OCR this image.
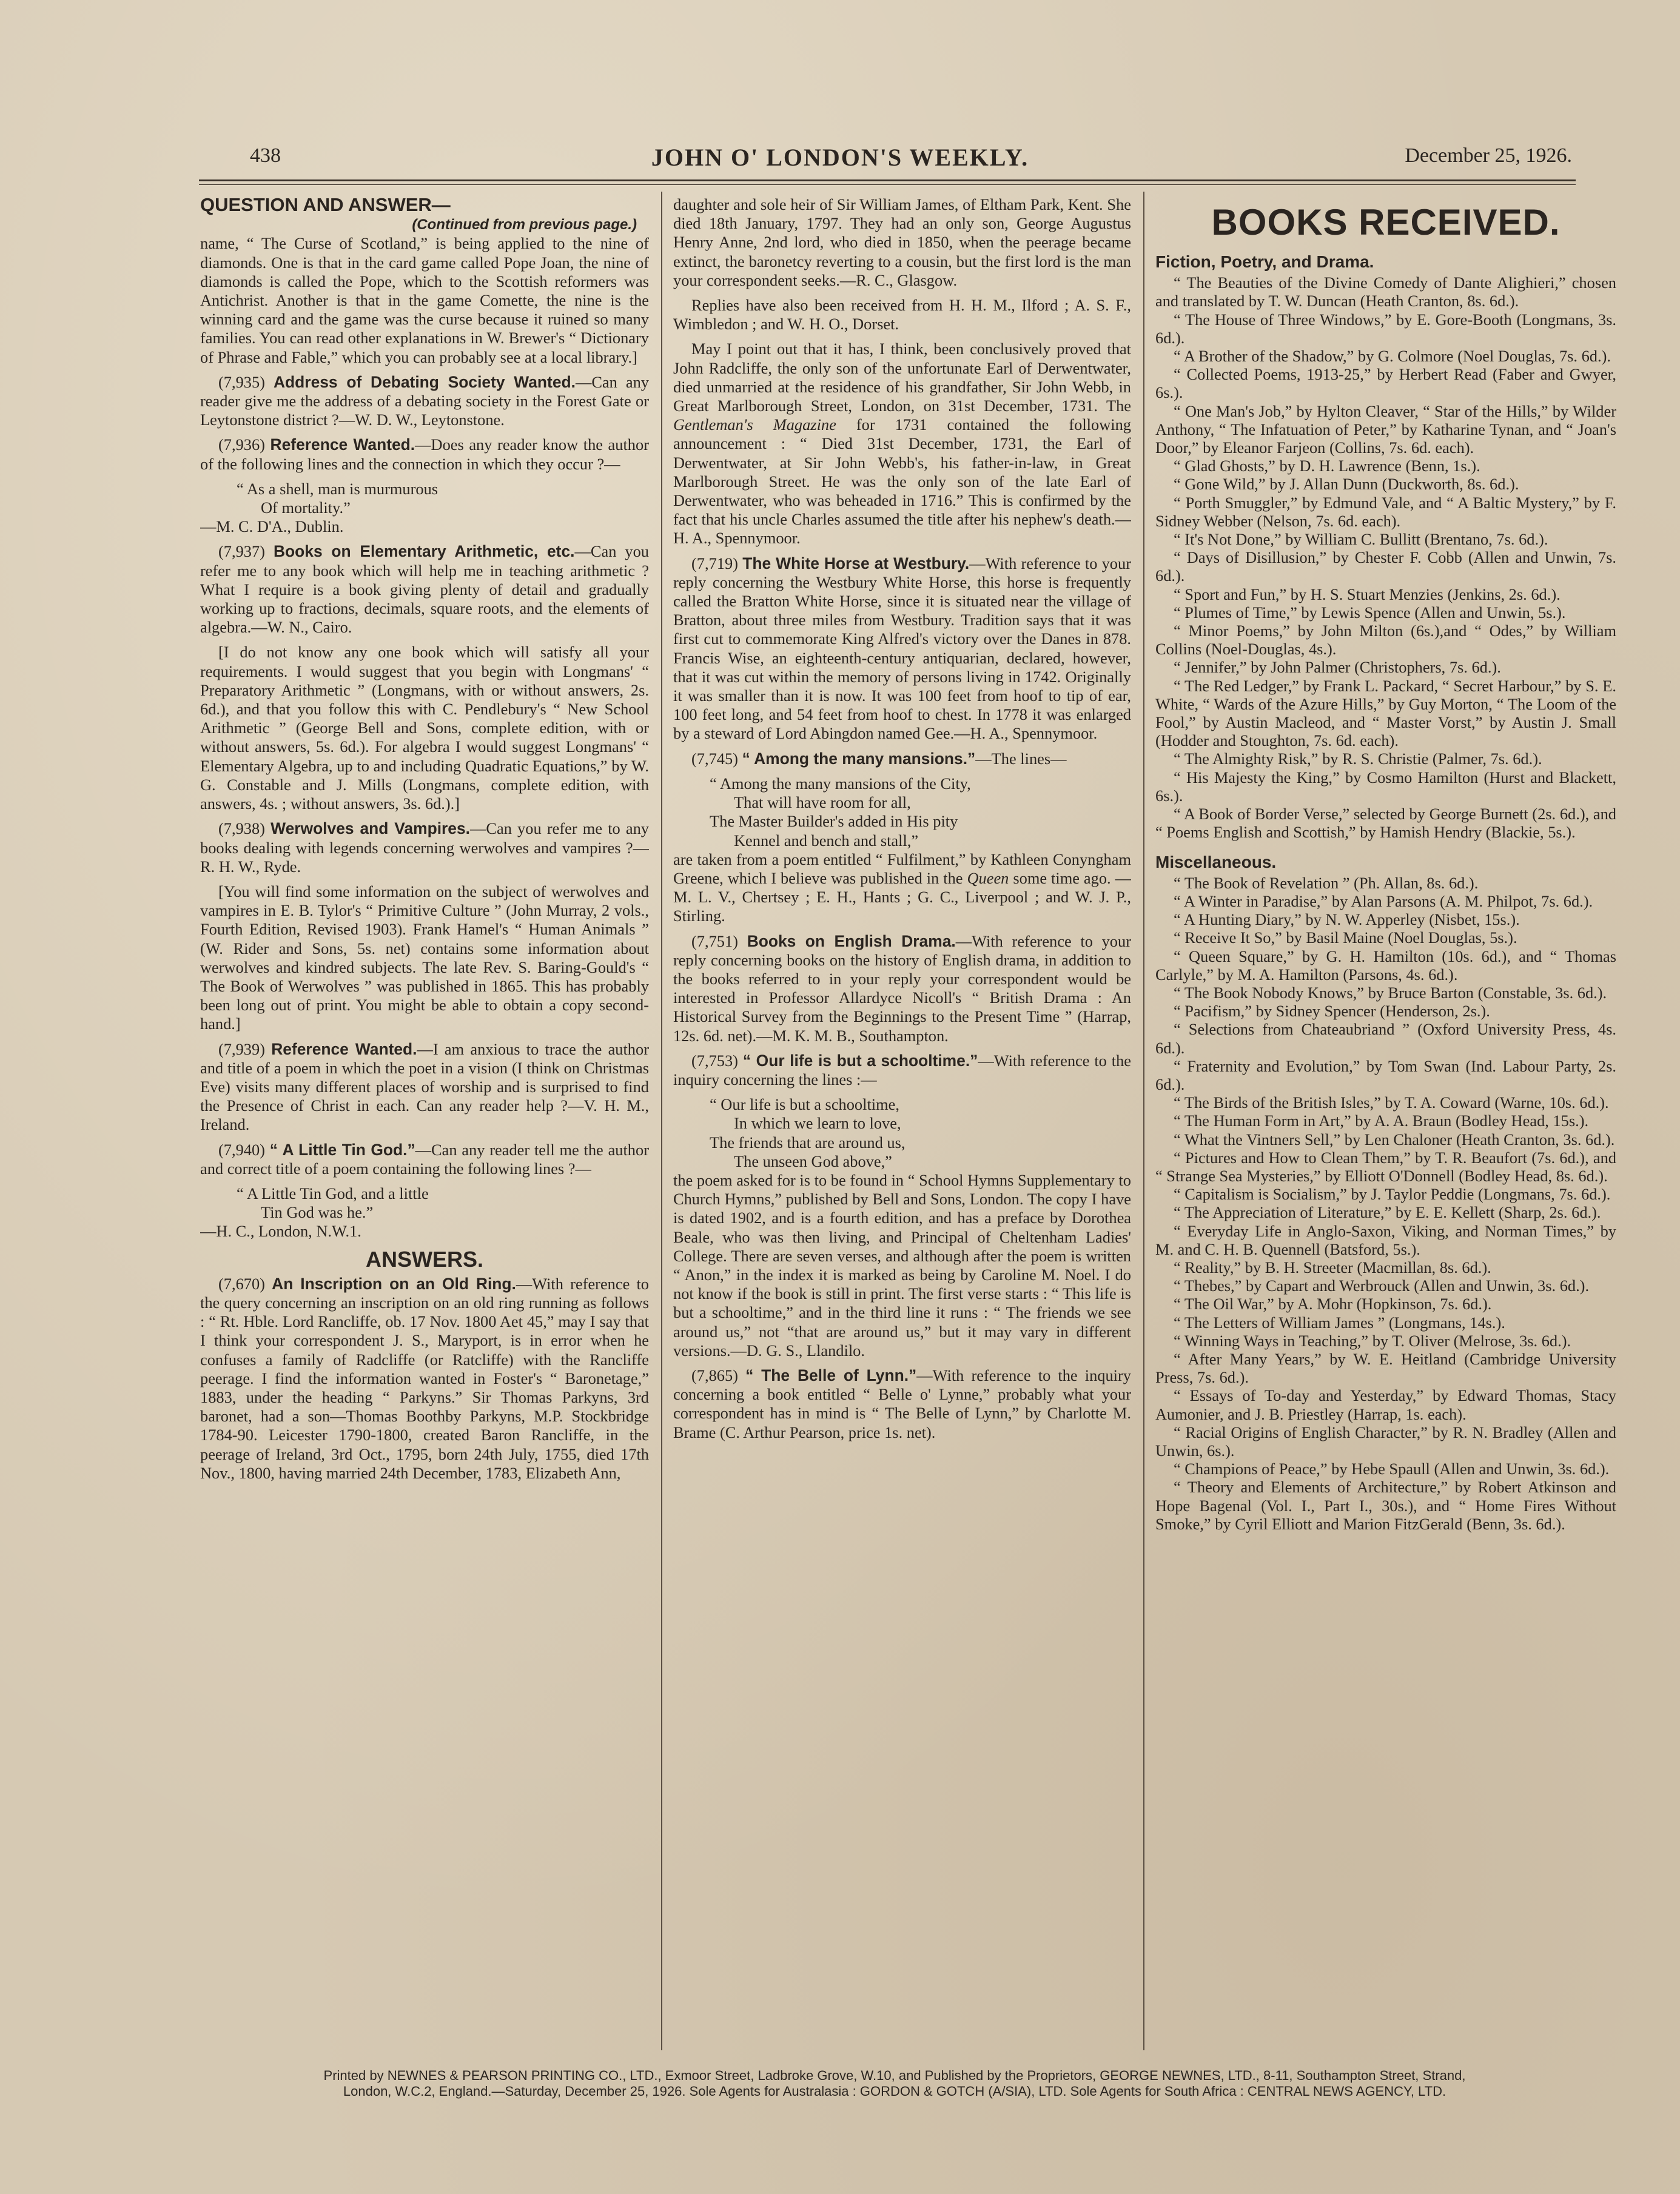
438	JOHN O' LONDON'S WEEKLY.	December 25, 1926.
QUESTION AND ANSWER—
(Continued from previous page.)

name, “ The Curse of Scotland,” is being applied to the nine of diamonds. One is that in the card game called Pope Joan, the nine of diamonds is called the Pope, which to the Scottish reformers was Antichrist. Another is that in the game Comette, the nine is the winning card and the game was the curse because it ruined so many families. You can read other explanations in W. Brewer's “ Dictionary of Phrase and Fable,” which you can probably see at a local library.]

(7,935) Address of Debating Society Wanted.—Can any reader give me the address of a debating society in the Forest Gate or Leytonstone district ?—W. D. W., Leytonstone.

(7,936) Reference Wanted.—Does any reader know the author of the following lines and the connection in which they occur ?—

“ As a shell, man is murmurous
Of mortality.”

—M. C. D'A., Dublin.

(7,937) Books on Elementary Arithmetic, etc.—Can you refer me to any book which will help me in teaching arithmetic ? What I require is a book giving plenty of detail and gradually working up to fractions, decimals, square roots, and the elements of algebra.—W. N., Cairo.

[I do not know any one book which will satisfy all your requirements. I would suggest that you begin with Longmans' “ Preparatory Arithmetic ” (Longmans, with or without answers, 2s. 6d.), and that you follow this with C. Pendlebury's “ New School Arithmetic ” (George Bell and Sons, complete edition, with or without answers, 5s. 6d.). For algebra I would suggest Longmans' “ Elementary Algebra, up to and including Quadratic Equations,” by W. G. Constable and J. Mills (Longmans, complete edition, with answers, 4s. ; without answers, 3s. 6d.).]

(7,938) Werwolves and Vampires.—Can you refer me to any books dealing with legends concerning werwolves and vampires ?—R. H. W., Ryde.

[You will find some information on the subject of werwolves and vampires in E. B. Tylor's “ Primitive Culture ” (John Murray, 2 vols., Fourth Edition, Revised 1903). Frank Hamel's “ Human Animals ” (W. Rider and Sons, 5s. net) contains some information about werwolves and kindred subjects. The late Rev. S. Baring-Gould's “ The Book of Werwolves ” was published in 1865. This has probably been long out of print. You might be able to obtain a copy second-hand.]

(7,939) Reference Wanted.—I am anxious to trace the author and title of a poem in which the poet in a vision (I think on Christmas Eve) visits many different places of worship and is surprised to find the Presence of Christ in each. Can any reader help ?—V. H. M., Ireland.

(7,940) “ A Little Tin God.”—Can any reader tell me the author and correct title of a poem containing the following lines ?—

“ A Little Tin God, and a little
Tin God was he.”

—H. C., London, N.W.1.

ANSWERS.

(7,670) An Inscription on an Old Ring.—With reference to the query concerning an inscription on an old ring running as follows : “ Rt. Hble. Lord Rancliffe, ob. 17 Nov. 1800 Aet 45,” may I say that I think your correspondent J. S., Maryport, is in error when he confuses a family of Radcliffe (or Ratcliffe) with the Rancliffe peerage. I find the information wanted in Foster's “ Baronetage,” 1883, under the heading “ Parkyns.” Sir Thomas Parkyns, 3rd baronet, had a son—Thomas Boothby Parkyns, M.P. Stockbridge 1784-90. Leicester 1790-1800, created Baron Rancliffe, in the peerage of Ireland, 3rd Oct., 1795, born 24th July, 1755, died 17th Nov., 1800, having married 24th December, 1783, Elizabeth Ann,

daughter and sole heir of Sir William James, of Eltham Park, Kent. She died 18th January, 1797. They had an only son, George Augustus Henry Anne, 2nd lord, who died in 1850, when the peerage became extinct, the baronetcy reverting to a cousin, but the first lord is the man your correspondent seeks.—R. C., Glasgow.

Replies have also been received from H. H. M., Ilford ; A. S. F., Wimbledon ; and W. H. O., Dorset.

May I point out that it has, I think, been conclusively proved that John Radcliffe, the only son of the unfortunate Earl of Derwentwater, died unmarried at the residence of his grandfather, Sir John Webb, in Great Marlborough Street, London, on 31st December, 1731. The Gentleman's Magazine for 1731 contained the following announcement : “ Died 31st December, 1731, the Earl of Derwentwater, at Sir John Webb's, his father-in-law, in Great Marlborough Street. He was the only son of the late Earl of Derwentwater, who was beheaded in 1716.” This is confirmed by the fact that his uncle Charles assumed the title after his nephew's death.—H. A., Spennymoor.

(7,719) The White Horse at Westbury.—With reference to your reply concerning the Westbury White Horse, this horse is frequently called the Bratton White Horse, since it is situated near the village of Bratton, about three miles from Westbury. Tradition says that it was first cut to commemorate King Alfred's victory over the Danes in 878. Francis Wise, an eighteenth-century antiquarian, declared, however, that it was cut within the memory of persons living in 1742. Originally it was smaller than it is now. It was 100 feet from hoof to tip of ear, 100 feet long, and 54 feet from hoof to chest. In 1778 it was enlarged by a steward of Lord Abingdon named Gee.—H. A., Spennymoor.

(7,745) “ Among the many mansions.”—The lines—

“ Among the many mansions of the City,
That will have room for all,
The Master Builder's added in His pity
Kennel and bench and stall,”

are taken from a poem entitled “ Fulfilment,” by Kathleen Conyngham Greene, which I believe was published in the Queen some time ago. —M. L. V., Chertsey ; E. H., Hants ; G. C., Liverpool ; and W. J. P., Stirling.

(7,751) Books on English Drama.—With reference to your reply concerning books on the history of English drama, in addition to the books referred to in your reply your correspondent would be interested in Professor Allardyce Nicoll's “ British Drama : An Historical Survey from the Beginnings to the Present Time ” (Harrap, 12s. 6d. net).—M. K. M. B., Southampton.

(7,753) “ Our life is but a schooltime.”—With reference to the inquiry concerning the lines :—

“ Our life is but a schooltime,
In which we learn to love,
The friends that are around us,
The unseen God above,”

the poem asked for is to be found in “ School Hymns Supplementary to Church Hymns,” published by Bell and Sons, London. The copy I have is dated 1902, and is a fourth edition, and has a preface by Dorothea Beale, who was then living, and Principal of Cheltenham Ladies' College. There are seven verses, and although after the poem is written “ Anon,” in the index it is marked as being by Caroline M. Noel. I do not know if the book is still in print. The first verse starts : “ This life is but a schooltime,” and in the third line it runs : “ The friends we see around us,” not “that are around us,” but it may vary in different versions.—D. G. S., Llandilo.

(7,865) “ The Belle of Lynn.”—With reference to the inquiry concerning a book entitled “ Belle o' Lynne,” probably what your correspondent has in mind is “ The Belle of Lynn,” by Charlotte M. Brame (C. Arthur Pearson, price 1s. net).

BOOKS RECEIVED.
Fiction, Poetry, and Drama.

“ The Beauties of the Divine Comedy of Dante Alighieri,” chosen and translated by T. W. Duncan (Heath Cranton, 8s. 6d.).

“ The House of Three Windows,” by E. Gore-Booth (Longmans, 3s. 6d.).

“ A Brother of the Shadow,” by G. Colmore (Noel Douglas, 7s. 6d.).

“ Collected Poems, 1913-25,” by Herbert Read (Faber and Gwyer, 6s.).

“ One Man's Job,” by Hylton Cleaver, “ Star of the Hills,” by Wilder Anthony, “ The Infatuation of Peter,” by Katharine Tynan, and “ Joan's Door,” by Eleanor Farjeon (Collins, 7s. 6d. each).

“ Glad Ghosts,” by D. H. Lawrence (Benn, 1s.).

“ Gone Wild,” by J. Allan Dunn (Duckworth, 8s. 6d.).

“ Porth Smuggler,” by Edmund Vale, and “ A Baltic Mystery,” by F. Sidney Webber (Nelson, 7s. 6d. each).

“ It's Not Done,” by William C. Bullitt (Brentano, 7s. 6d.).

“ Days of Disillusion,” by Chester F. Cobb (Allen and Unwin, 7s. 6d.).

“ Sport and Fun,” by H. S. Stuart Menzies (Jenkins, 2s. 6d.).

“ Plumes of Time,” by Lewis Spence (Allen and Unwin, 5s.).

“ Minor Poems,” by John Milton (6s.),and “ Odes,” by William Collins (Noel-Douglas, 4s.).

“ Jennifer,” by John Palmer (Christophers, 7s. 6d.).

“ The Red Ledger,” by Frank L. Packard, “ Secret Harbour,” by S. E. White, “ Wards of the Azure Hills,” by Guy Morton, “ The Loom of the Fool,” by Austin Macleod, and “ Master Vorst,” by Austin J. Small (Hodder and Stoughton, 7s. 6d. each).

“ The Almighty Risk,” by R. S. Christie (Palmer, 7s. 6d.).

“ His Majesty the King,” by Cosmo Hamilton (Hurst and Blackett, 6s.).

“ A Book of Border Verse,” selected by George Burnett (2s. 6d.), and “ Poems English and Scottish,” by Hamish Hendry (Blackie, 5s.).

Miscellaneous.

“ The Book of Revelation ” (Ph. Allan, 8s. 6d.).

“ A Winter in Paradise,” by Alan Parsons (A. M. Philpot, 7s. 6d.).

“ A Hunting Diary,” by N. W. Apperley (Nisbet, 15s.).

“ Receive It So,” by Basil Maine (Noel Douglas, 5s.).

“ Queen Square,” by G. H. Hamilton (10s. 6d.), and “ Thomas Carlyle,” by M. A. Hamilton (Parsons, 4s. 6d.).

“ The Book Nobody Knows,” by Bruce Barton (Constable, 3s. 6d.).

“ Pacifism,” by Sidney Spencer (Henderson, 2s.).

“ Selections from Chateaubriand ” (Oxford University Press, 4s. 6d.).

“ Fraternity and Evolution,” by Tom Swan (Ind. Labour Party, 2s. 6d.).

“ The Birds of the British Isles,” by T. A. Coward (Warne, 10s. 6d.).

“ The Human Form in Art,” by A. A. Braun (Bodley Head, 15s.).

“ What the Vintners Sell,” by Len Chaloner (Heath Cranton, 3s. 6d.).

“ Pictures and How to Clean Them,” by T. R. Beaufort (7s. 6d.), and “ Strange Sea Mysteries,” by Elliott O'Donnell (Bodley Head, 8s. 6d.).

“ Capitalism is Socialism,” by J. Taylor Peddie (Longmans, 7s. 6d.).

“ The Appreciation of Literature,” by E. E. Kellett (Sharp, 2s. 6d.).

“ Everyday Life in Anglo-Saxon, Viking, and Norman Times,” by M. and C. H. B. Quennell (Batsford, 5s.).

“ Reality,” by B. H. Streeter (Macmillan, 8s. 6d.).

“ Thebes,” by Capart and Werbrouck (Allen and Unwin, 3s. 6d.).

“ The Oil War,” by A. Mohr (Hopkinson, 7s. 6d.).

“ The Letters of William James ” (Longmans, 14s.).

“ Winning Ways in Teaching,” by T. Oliver (Melrose, 3s. 6d.).

“ After Many Years,” by W. E. Heitland (Cambridge University Press, 7s. 6d.).

“ Essays of To-day and Yesterday,” by Edward Thomas, Stacy Aumonier, and J. B. Priestley (Harrap, 1s. each).

“ Racial Origins of English Character,” by R. N. Bradley (Allen and Unwin, 6s.).

“ Champions of Peace,” by Hebe Spaull (Allen and Unwin, 3s. 6d.).

“ Theory and Elements of Architecture,” by Robert Atkinson and Hope Bagenal (Vol. I., Part I., 30s.), and “ Home Fires Without Smoke,” by Cyril Elliott and Marion FitzGerald (Benn, 3s. 6d.).

Printed by NEWNES & PEARSON PRINTING CO., LTD., Exmoor Street, Ladbroke Grove, W.10, and Published by the Proprietors, GEORGE NEWNES, LTD., 8-11, Southampton Street, Strand,
London, W.C.2, England.—Saturday, December 25, 1926. Sole Agents for Australasia : GORDON & GOTCH (A/SIA), LTD. Sole Agents for South Africa : CENTRAL NEWS AGENCY, LTD.
